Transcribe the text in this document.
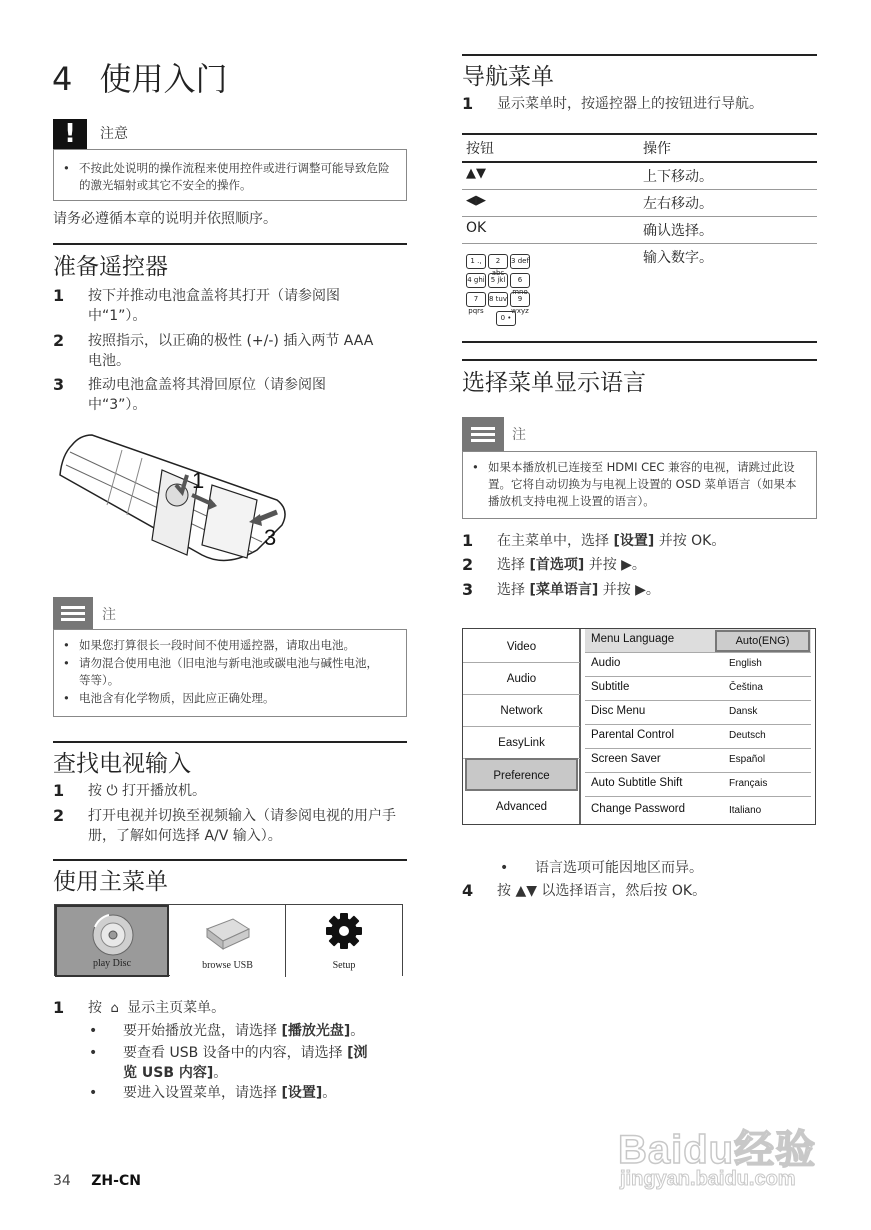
4 使用入门
!	注意
• 不按此处说明的操作流程来使用控件或进行调整可能导致危险的激光辐射或其它不安全的操作。
请务必遵循本章的说明并依照顺序。
准备遥控器
1 按下并推动电池盒盖将其打开（请参阅图中“1”）。
2 按照指示，以正确的极性 (+/-) 插入两节 AAA 电池。
3 推动电池盒盖将其滑回原位（请参阅图中“3”）。
1
3
注
• 如果您打算很长一段时间不使用遥控器，请取出电池。
• 请勿混合使用电池（旧电池与新电池或碳电池与碱性电池，等等）。
• 电池含有化学物质，因此应正确处理。
查找电视输入
1 按 ⏻ 打开播放机。
2 打开电视并切换至视频输入（请参阅电视的用户手册，了解如何选择 A/V 输入）。
使用主菜单
play Disc	browse USB	Setup
1 按 ⌂ 显示主页菜单。
• 要开始播放光盘，请选择 [播放光盘]。
• 要查看 USB 设备中的内容，请选择 [浏览 USB 内容]。
• 要进入设置菜单，请选择 [设置]。
34 ZH-CN
导航菜单
1 显示菜单时，按遥控器上的按钮进行导航。
按钮	操作
▲▼	上下移动。
◀▶	左右移动。
OK	确认选择。

1 ., 2 abc3 def
4 ghi 5 jkl 6 mno
7 pqrs8 tuv 9 wxyz
0 •	输入数字。
选择菜单显示语言
注
• 如果本播放机已连接至 HDMI CEC 兼容的电视，请跳过此设置。它将自动切换为与电视上设置的 OSD 菜单语言（如果本播放机支持电视上设置的语言）。
1 在主菜单中，选择 [设置] 并按 OK。
2 选择 [首选项] 并按 ▶。
3 选择 [菜单语言] 并按 ▶。
Video
Audio
Network
EasyLink
Preference
Advanced
Menu Language	Auto(ENG)
Audio	English
Subtitle	Čeština
Disc Menu	Dansk
Parental Control	Deutsch
Screen Saver	Español
Auto Subtitle Shift	Français
Change Password	Italiano
• 语言选项可能因地区而异。
4 按 ▲▼ 以选择语言，然后按 OK。
Baidu经验
jingyan.baidu.com
